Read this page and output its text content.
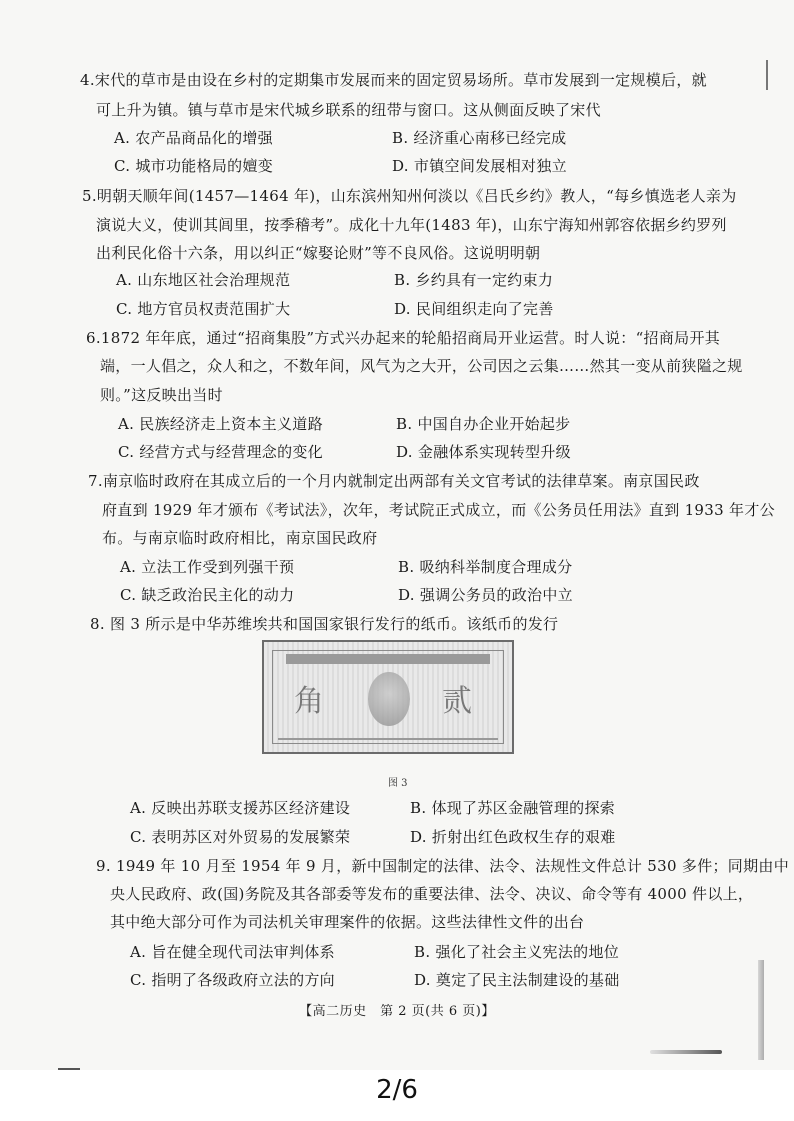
4.宋代的草市是由设在乡村的定期集市发展而来的固定贸易场所。草市发展到一定规模后，就
可上升为镇。镇与草市是宋代城乡联系的纽带与窗口。这从侧面反映了宋代
A. 农产品商品化的增强	B. 经济重心南移已经完成
C. 城市功能格局的嬗变	D. 市镇空间发展相对独立
5.明朝天顺年间(1457—1464 年)，山东滨州知州何淡以《吕氏乡约》教人，“每乡慎选老人亲为
演说大义，使训其闾里，按季稽考”。成化十九年(1483 年)，山东宁海知州郭容依据乡约罗列
出利民化俗十六条，用以纠正“嫁娶论财”等不良风俗。这说明明朝
A. 山东地区社会治理规范	B. 乡约具有一定约束力
C. 地方官员权责范围扩大	D. 民间组织走向了完善
6.1872 年年底，通过“招商集股”方式兴办起来的轮船招商局开业运营。时人说：“招商局开其
端，一人倡之，众人和之，不数年间，风气为之大开，公司因之云集……然其一变从前狭隘之规
则。”这反映出当时
A. 民族经济走上资本主义道路	B. 中国自办企业开始起步
C. 经营方式与经营理念的变化	D. 金融体系实现转型升级
7.南京临时政府在其成立后的一个月内就制定出两部有关文官考试的法律草案。南京国民政
府直到 1929 年才颁布《考试法》，次年，考试院正式成立，而《公务员任用法》直到 1933 年才公
布。与南京临时政府相比，南京国民政府
A. 立法工作受到列强干预	B. 吸纳科举制度合理成分
C. 缺乏政治民主化的动力	D. 强调公务员的政治中立
8. 图 3 所示是中华苏维埃共和国国家银行发行的纸币。该纸币的发行
角	贰
图 3
A. 反映出苏联支援苏区经济建设	B. 体现了苏区金融管理的探索
C. 表明苏区对外贸易的发展繁荣	D. 折射出红色政权生存的艰难
9. 1949 年 10 月至 1954 年 9 月，新中国制定的法律、法令、法规性文件总计 530 多件；同期由中
央人民政府、政(国)务院及其各部委等发布的重要法律、法令、决议、命令等有 4000 件以上，
其中绝大部分可作为司法机关审理案件的依据。这些法律性文件的出台
A. 旨在健全现代司法审判体系	B. 强化了社会主义宪法的地位
C. 指明了各级政府立法的方向	D. 奠定了民主法制建设的基础
【高二历史　第 2 页(共 6 页)】
2/6
